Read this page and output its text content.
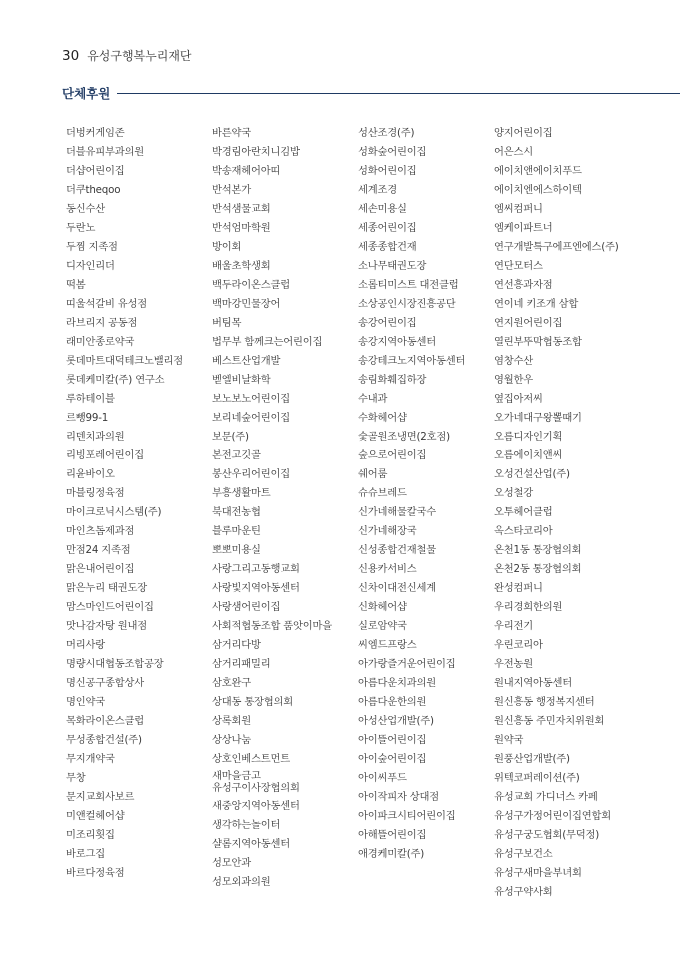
30 유성구행복누리재단
단체후원
더벙커게임존
더블유피부과의원
더샵어린이집
더쿠theqoo
동신수산
두란노
두찜 지족점
디자인리더
떡봄
띠울석갈비 유성점
라브리지 공동점
래미안종로약국
롯데마트대덕테크노밸리점
롯데케미칼(주) 연구소
루하테이블
르뺑99-1
리덴치과의원
리빙포레어린이집
리윤바이오
마블링정육점
마이크로닉시스템(주)
마인츠돔제과점
만점24 지족점
맑은내어린이집
맑은누리 태권도장
맘스마인드어린이집
맛나감자탕 원내점
머리사랑
명량시대협동조합공장
명신공구종합상사
명인약국
목화라이온스클럽
무성종합건설(주)
무지개약국
무창
문지교회사보르
미앤컬헤어샵
미조리횟집
바로그집
바르다정육점
바른약국
박경림아란치니김밥
박송재헤어아띠
반석본가
반석샘물교회
반석엄마학원
방이회
배울초학생회
백두라이온스클럽
백마강민물장어
버팀목
법무부 함께크는어린이집
베스트산업개발
벧엘비날화학
보노보노어린이집
보리네숲어린이집
보문(주)
본전고깃골
봉산우리어린이집
부흥생활마트
북대전농협
블루마운틴
뽀뽀미용실
사랑그리고동행교회
사랑빛지역아동센터
사랑샘어린이집
사회적협동조합 품앗이마을
삼거리다방
삼거리패밀리
삼호완구
상대동 통장협의회
상록회원
상상나눔
상호인베스트먼트
새마을금고
유성구이사장협의회
새중앙지역아동센터
생각하는놀이터
샬롬지역아동센터
성모안과
성모외과의원
성산조경(주)
성화숲어린이집
성화어린이집
세계조경
세손미용실
세종어린이집
세종종합건재
소나무태권도장
소롭티미스트 대전클럽
소상공인시장진흥공단
송강어린이집
송강지역아동센터
송강테크노지역아동센터
송림화훼집하장
수내과
수화헤어샵
숯골원조냉면(2호점)
숲으로어린이집
쉐어룸
슈슈브레드
신가네해물칼국수
신가네해장국
신성종합건재철물
신용카서비스
신차이대전신세계
신화헤어샵
실로암약국
씨엠드프랑스
아가랑즐거운어린이집
아름다운치과의원
아름다운한의원
아성산업개발(주)
아이뜰어린이집
아이숲어린이집
아이씨푸드
아이작피자 상대점
아이파크시티어린이집
아해뜰어린이집
애경케미칼(주)
양지어린이집
어은스시
에이치앤에이치푸드
에이치엔에스하이텍
엠씨컴퍼니
엠케이파트너
연구개발특구에프엔에스(주)
연단모터스
연선흥과자점
연이네 키조개 삼합
연지원어린이집
열린부뚜막협동조합
염창수산
영월한우
옆집아저씨
오가네대구왕뽈때기
오름디자인기획
오름에이치앤씨
오성건설산업(주)
오성철강
오투헤어클럽
옥스타코리아
온천1동 통장협의회
온천2동 통장협의회
완성컴퍼니
우리경희한의원
우리전기
우린코리아
우전농원
원내지역아동센터
원신흥동 행정복지센터
원신흥동 주민자치위원회
원약국
원풍산업개발(주)
위텍코퍼레이션(주)
유성교회 가디너스 카페
유성구가정어린이집연합회
유성구궁도협회(무덕정)
유성구보건소
유성구새마을부녀회
유성구약사회
